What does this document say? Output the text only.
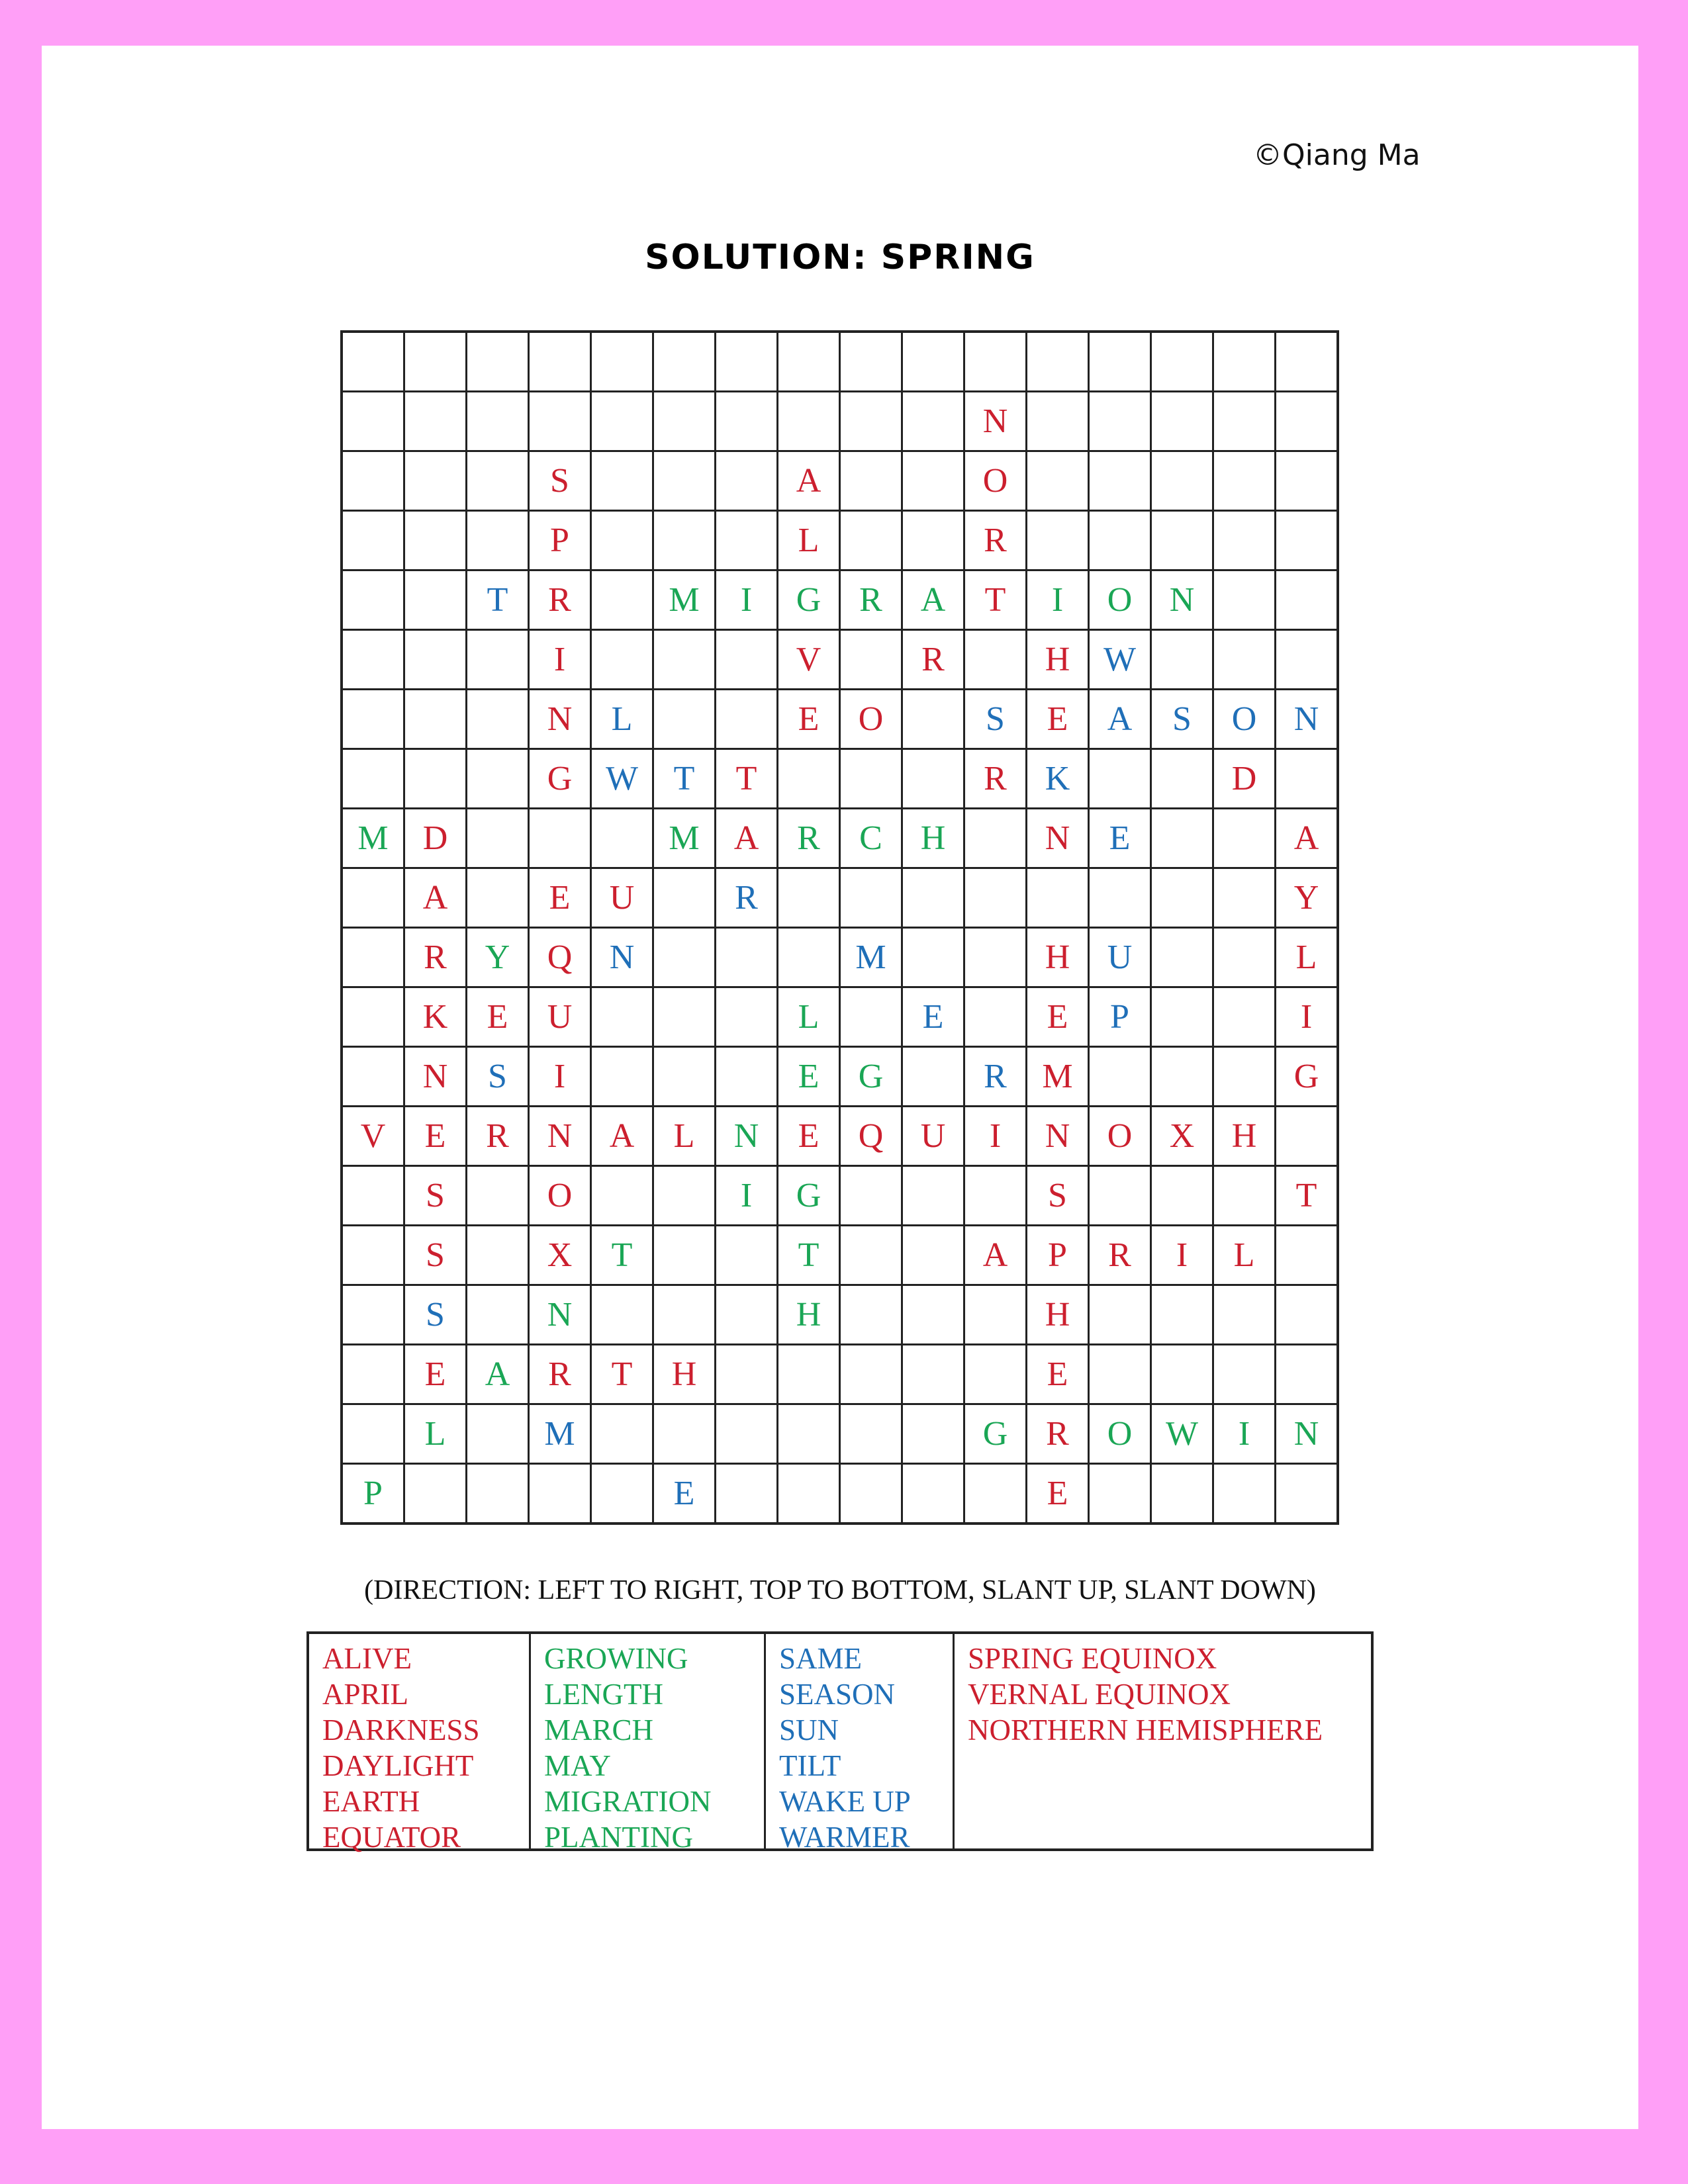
©Qiang Ma
SOLUTION: SPRING

										N					
			S				A			O					
			P				L			R					
		T	R		M	I	G	R	A	T	I	O	N		
			I				V		R		H	W			
			N	L			E	O		S	E	A	S	O	N
			G	W	T	T				R	K			D	
M	D				M	A	R	C	H		N	E			A
	A		E	U		R									Y
	R	Y	Q	N				M			H	U			L
	K	E	U				L		E		E	P			I
	N	S	I				E	G		R	M				G
V	E	R	N	A	L	N	E	Q	U	I	N	O	X	H	
	S		O			I	G				S				T
	S		X	T			T			A	P	R	I	L	
	S		N				H				H				
	E	A	R	T	H						E				
	L		M							G	R	O	W	I	N
P					E						E				
(DIRECTION: LEFT TO RIGHT, TOP TO BOTTOM, SLANT UP, SLANT DOWN)
ALIVE
APRIL
DARKNESS
DAYLIGHT
EARTH
EQUATOR
GROWING
LENGTH
MARCH
MAY
MIGRATION
PLANTING
SAME
SEASON
SUN
TILT
WAKE UP
WARMER
SPRING EQUINOX
VERNAL EQUINOX
NORTHERN HEMISPHERE
